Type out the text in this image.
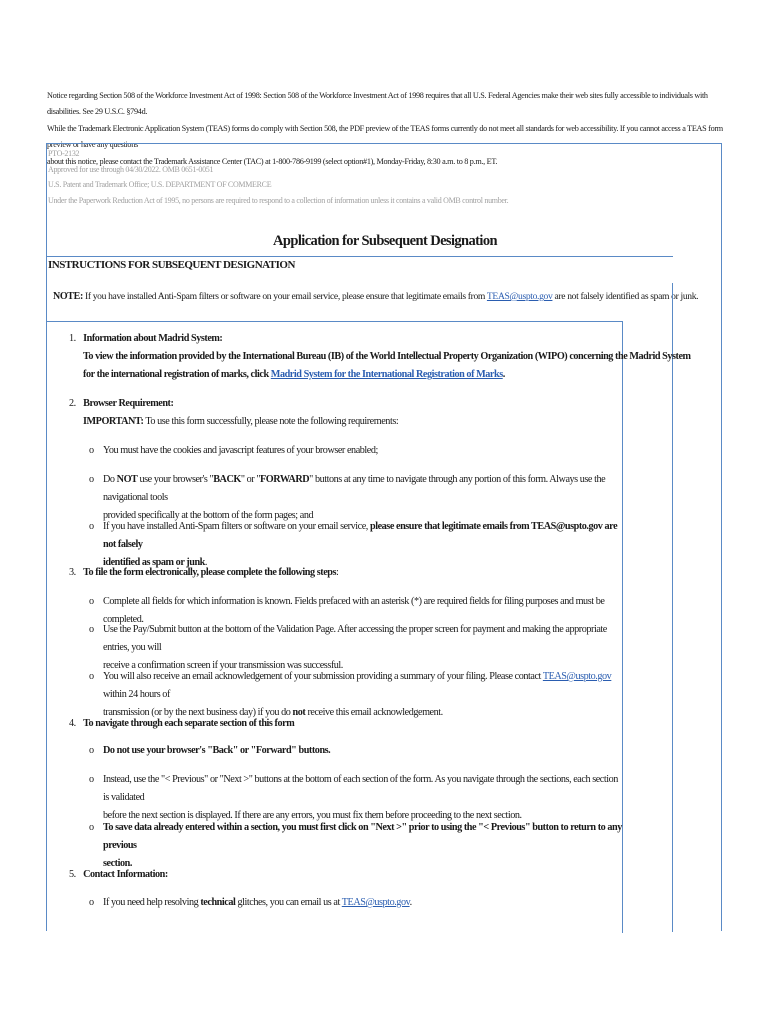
Notice regarding Section 508 of the Workforce Investment Act of 1998: Section 508 of the Workforce Investment Act of 1998 requires that all U.S. Federal Agencies make their web sites fully accessible to individuals with disabilities. See 29 U.S.C. §794d.
While the Trademark Electronic Application System (TEAS) forms do comply with Section 508, the PDF preview of the TEAS forms currently do not meet all standards for web accessibility. If you cannot access a TEAS form preview or have any questions
about this notice, please contact the Trademark Assistance Center (TAC) at 1-800-786-9199 (select option#1), Monday-Friday, 8:30 a.m. to 8 p.m., ET.
PTO-2132
Approved for use through 04/30/2022. OMB 0651-0051
U.S. Patent and Trademark Office; U.S. DEPARTMENT OF COMMERCE
Under the Paperwork Reduction Act of 1995, no persons are required to respond to a collection of information unless it contains a valid OMB control number.
Application for Subsequent Designation
INSTRUCTIONS FOR SUBSEQUENT DESIGNATION
NOTE: If you have installed Anti-Spam filters or software on your email service, please ensure that legitimate emails from TEAS@uspto.gov are not falsely identified as spam or junk.
1. Information about Madrid System:
To view the information provided by the International Bureau (IB) of the World Intellectual Property Organization (WIPO) concerning the Madrid System
for the international registration of marks, click Madrid System for the International Registration of Marks.
2. Browser Requirement:
IMPORTANT: To use this form successfully, please note the following requirements:
o You must have the cookies and javascript features of your browser enabled;
o Do NOT use your browser's "BACK" or "FORWARD" buttons at any time to navigate through any portion of this form. Always use the navigational tools
provided specifically at the bottom of the form pages; and
o If you have installed Anti-Spam filters or software on your email service, please ensure that legitimate emails from TEAS@uspto.gov are not falsely
identified as spam or junk.
3. To file the form electronically, please complete the following steps:
o Complete all fields for which information is known. Fields prefaced with an asterisk (*) are required fields for filing purposes and must be completed.
o Use the Pay/Submit button at the bottom of the Validation Page. After accessing the proper screen for payment and making the appropriate entries, you will
receive a confirmation screen if your transmission was successful.
o You will also receive an email acknowledgement of your submission providing a summary of your filing. Please contact TEAS@uspto.gov within 24 hours of
transmission (or by the next business day) if you do not receive this email acknowledgement.
4. To navigate through each separate section of this form
o Do not use your browser's "Back" or "Forward" buttons.
o Instead, use the "< Previous" or "Next >" buttons at the bottom of each section of the form. As you navigate through the sections, each section is validated
before the next section is displayed. If there are any errors, you must fix them before proceeding to the next section.
o To save data already entered within a section, you must first click on "Next >" prior to using the "< Previous" button to return to any previous
section.
5. Contact Information:
o If you need help resolving technical glitches, you can email us at TEAS@uspto.gov.
